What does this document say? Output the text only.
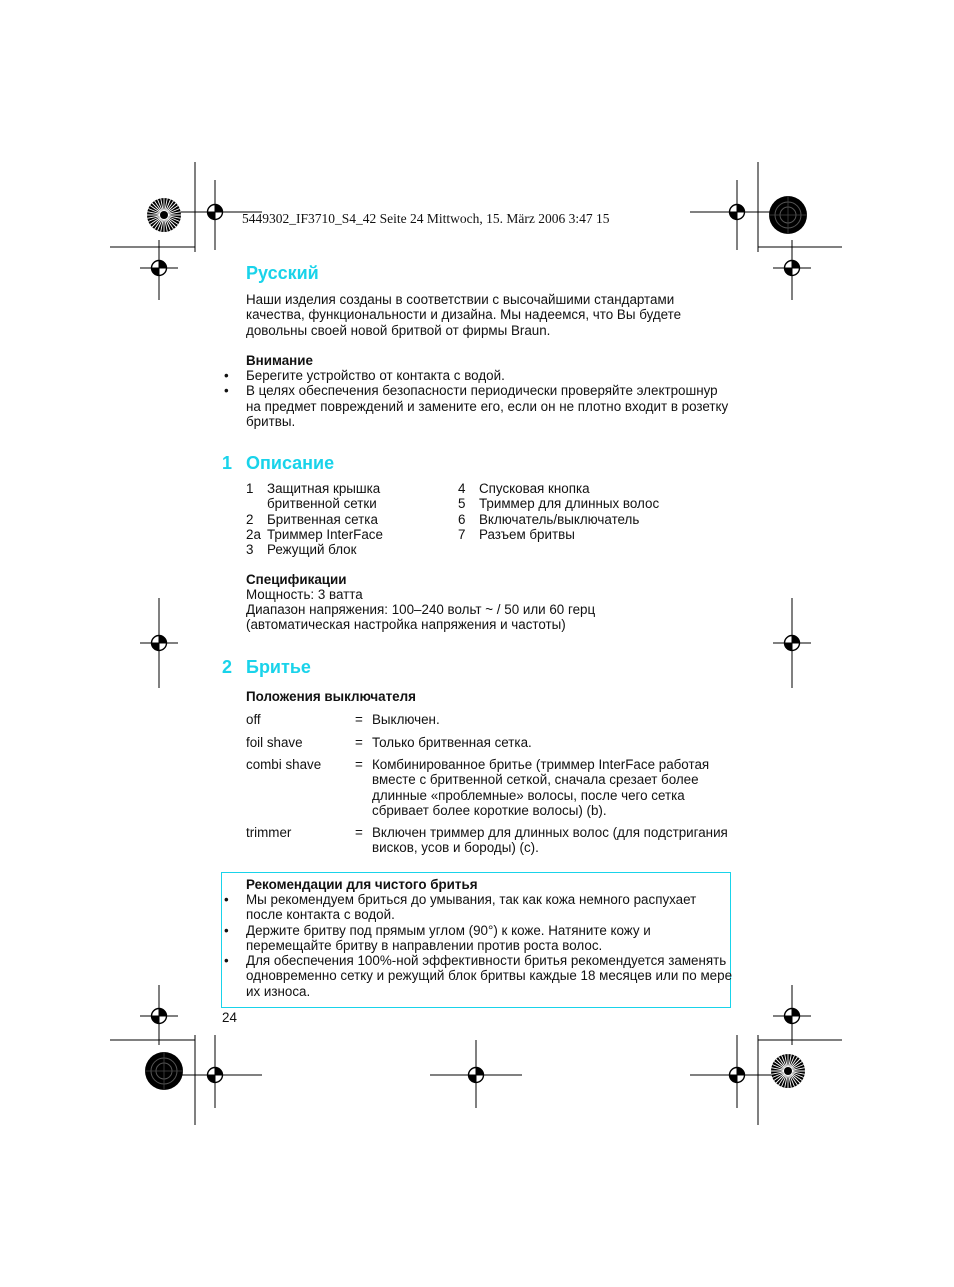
5449302_IF3710_S4_42 Seite 24 Mittwoch, 15. März 2006 3:47 15
Русский
Наши изделия созданы в соответствии с высочайшими стандартами качества, функциональности и дизайна. Мы надеемся, что Вы будете довольны своей новой бритвой от фирмы Braun.
Внимание
• Берегите устройство от контакта с водой.
• В целях обеспечения безопасности периодически проверяйте электрошнур на предмет повреждений и замените его, если он не плотно входит в розетку бритвы.
1 Описание
1	Защитная крышка бритвенной сетки
2	Бритвенная сетка
2a Триммер InterFace
3	Режущий блок
4	Спусковая кнопка
5	Триммер для длинных волос
6	Включатель/выключатель
7	Разъем бритвы
Спецификации
Мощность: 3 ватта
Диапазон напряжения: 100–240 вольт ~ / 50 или 60 герц
(автоматическая настройка напряжения и частоты)
2 Бритье
Положения выключателя
off	= Выключен.
foil shave	= Только бритвенная сетка.
combi shave	= Комбинированное бритье (триммер InterFace работая вместе с бритвенной сеткой, сначала срезает более длинные «проблемные» волосы, после чего сетка сбривает более короткие волосы) (b).
trimmer	= Включен триммер для длинных волос (для подстригания висков, усов и бороды) (c).
Рекомендации для чистого бритья
• Мы рекомендуем бриться до умывания, так как кожа немного распухает после контакта с водой.
• Держите бритву под прямым углом (90°) к коже. Натяните кожу и перемещайте бритву в направлении против роста волос.
• Для обеспечения 100%-ной эффективности бритья рекомендуется заменять одновременно сетку и режущий блок бритвы каждые 18 месяцев или по мере их износа.
24
